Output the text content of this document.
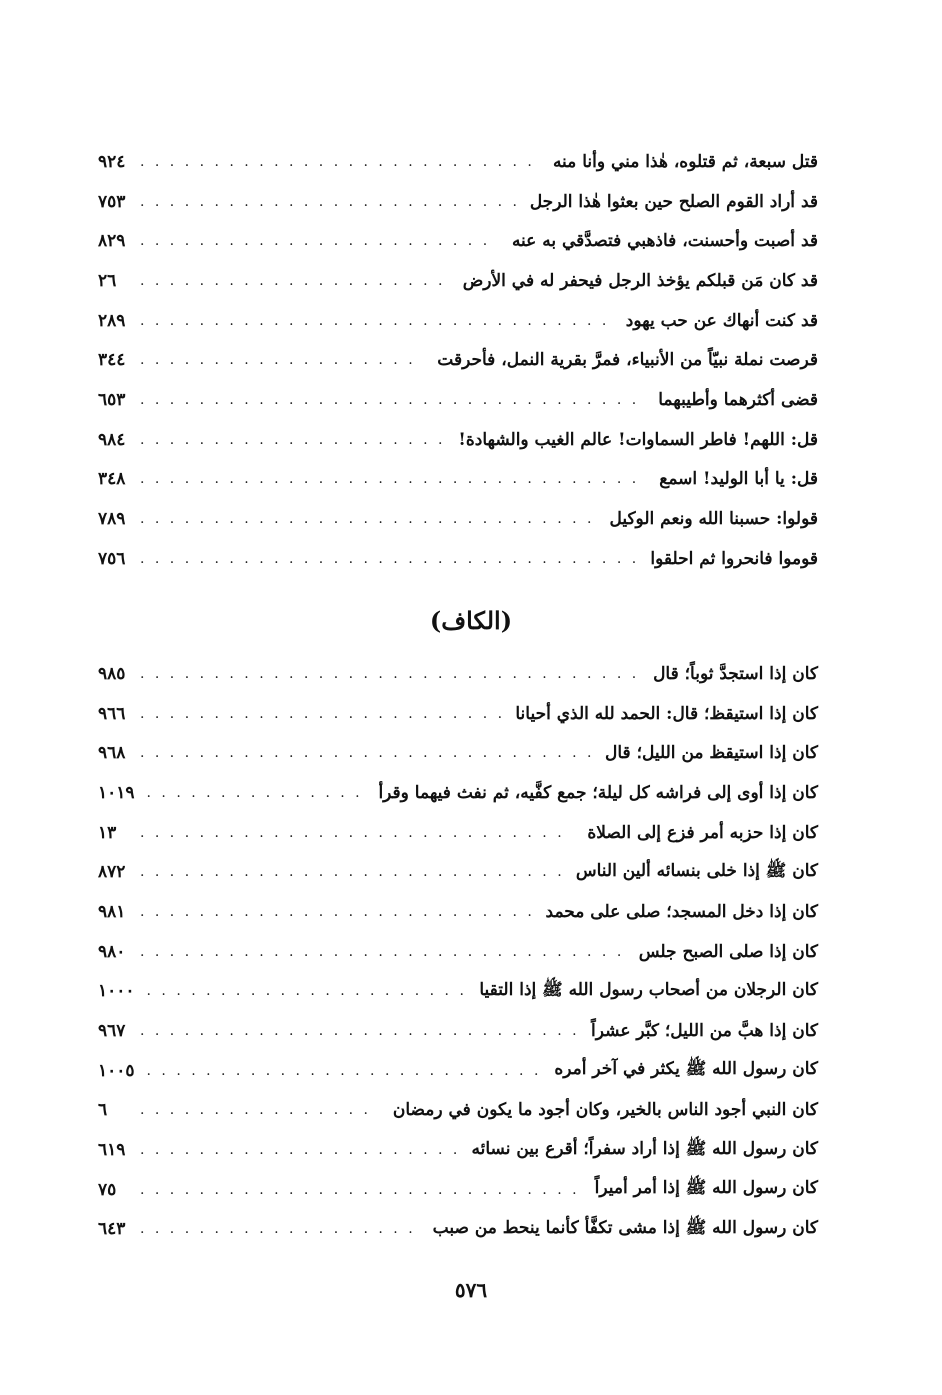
قتل سبعة، ثم قتلوه، هٰذا مني وأنا منه
. . .
٩٢٤
قد أراد القوم الصلح حين بعثوا هٰذا الرجل
. . .
٧٥٣
قد أصبت وأحسنت، فاذهبي فتصدَّقي به عنه
. . .
٨٢٩
قد كان مَن قبلكم يؤخذ الرجل فيحفر له في الأرض
. . .
٢٦
قد كنت أنهاك عن حب يهود
. . .
٢٨٩
قرصت نملة نبيّاً من الأنبياء، فمرَّ بقرية النمل، فأحرقت
. . .
٣٤٤
قضى أكثرهما وأطيبهما
. . .
٦٥٣
قل: اللهم! فاطر السماوات! عالم الغيب والشهادة!
. . .
٩٨٤
قل: يا أبا الوليد! اسمع
. . .
٣٤٨
قولوا: حسبنا الله ونعم الوكيل
. . .
٧٨٩
قوموا فانحروا ثم احلقوا
. . .
٧٥٦
(الكاف)
كان إذا استجدَّ ثوباً؛ قال
. . .
٩٨٥
كان إذا استيقظ؛ قال: الحمد لله الذي أحيانا
. . .
٩٦٦
كان إذا استيقظ من الليل؛ قال
. . .
٩٦٨
كان إذا أوى إلى فراشه كل ليلة؛ جمع كفَّيه، ثم نفث فيهما وقرأ
. . .
١٠١٩
كان إذا حزبه أمر فزع إلى الصلاة
. . .
١٣
كان ﷺ إذا خلى بنسائه ألين الناس
. . .
٨٧٢
كان إذا دخل المسجد؛ صلى على محمد
. . .
٩٨١
كان إذا صلى الصبح جلس
. . .
٩٨٠
كان الرجلان من أصحاب رسول الله ﷺ إذا التقيا
. . .
١٠٠٠
كان إذا هبَّ من الليل؛ كبَّر عشراً
. . .
٩٦٧
كان رسول الله ﷺ يكثر في آخر أمره
. . .
١٠٠٥
كان النبي أجود الناس بالخير، وكان أجود ما يكون في رمضان
. . .
٦
كان رسول الله ﷺ إذا أراد سفراً؛ أقرع بين نسائه
. . .
٦١٩
كان رسول الله ﷺ إذا أمر أميراً
. . .
٧٥
كان رسول الله ﷺ إذا مشى تكفَّأ كأنما ينحط من صبب
. . .
٦٤٣
٥٧٦
